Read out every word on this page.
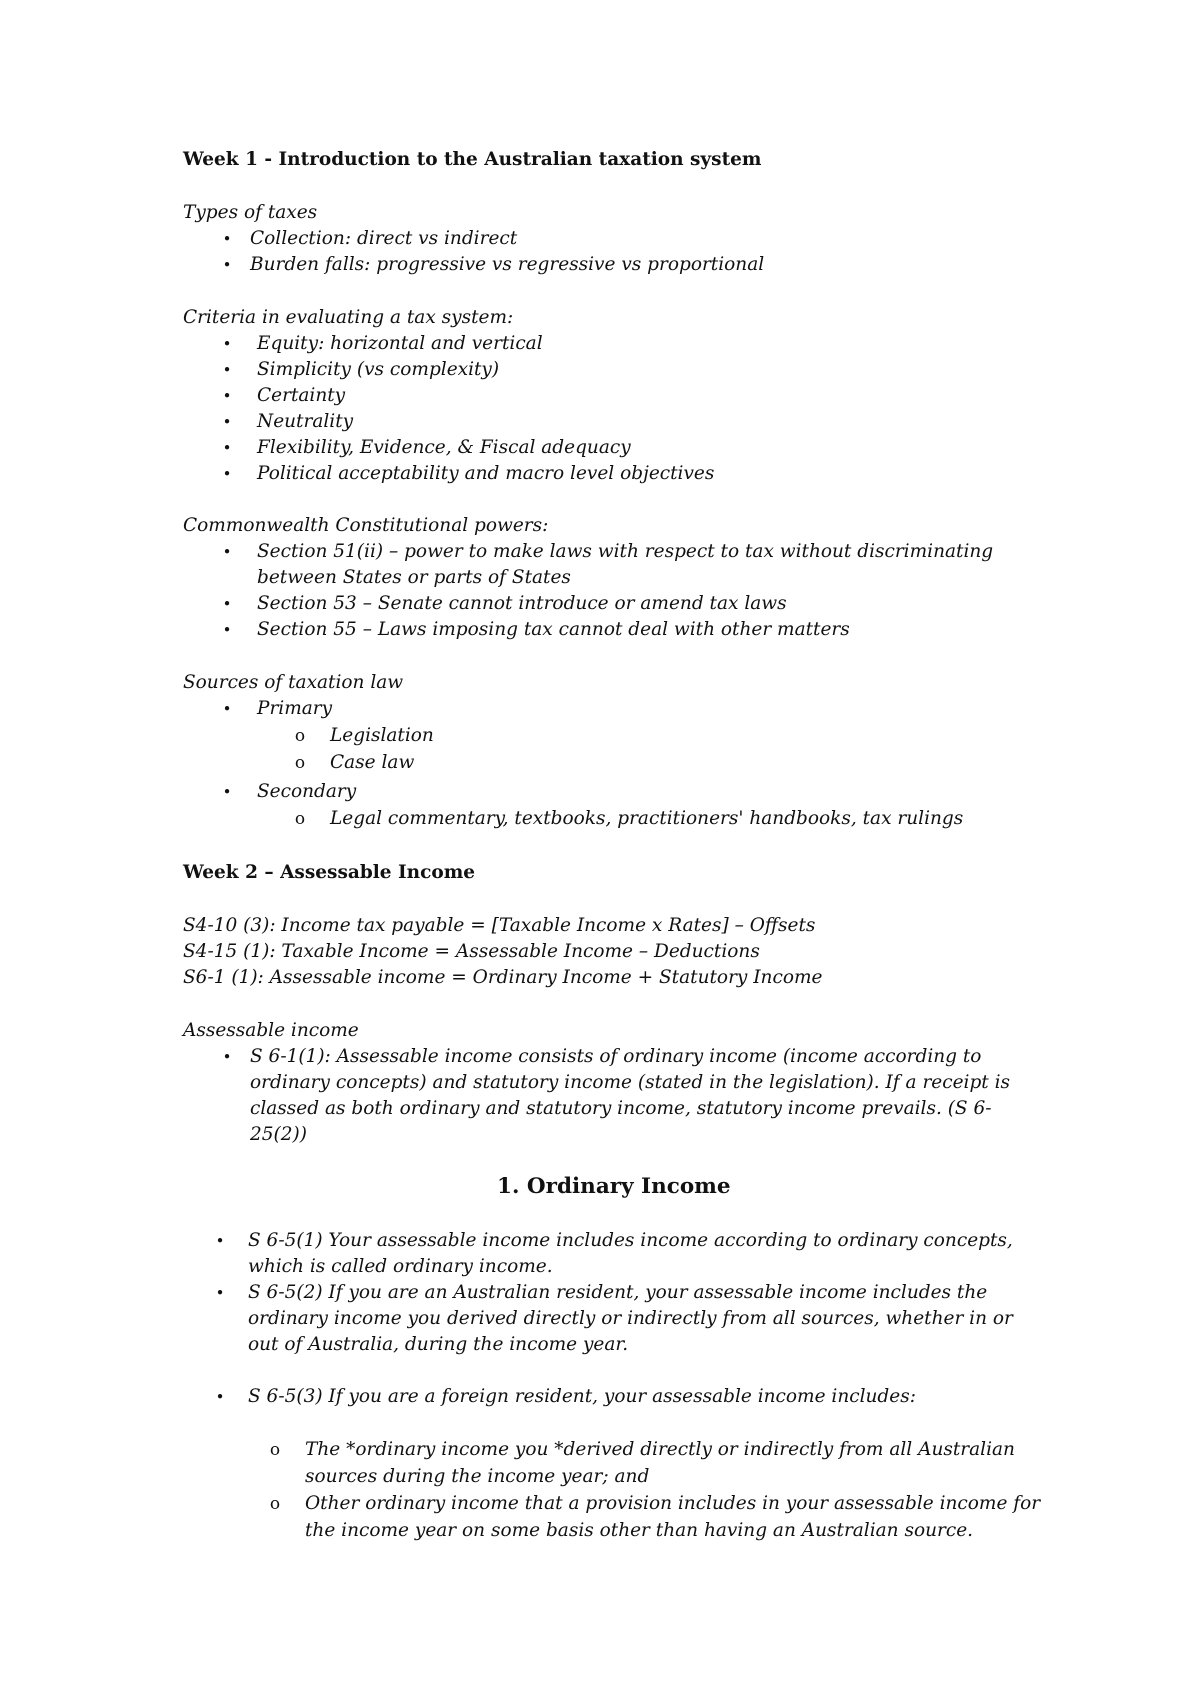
Week 1 - Introduction to the Australian taxation system
Types of taxes
•	Collection: direct vs indirect
•	Burden falls: progressive vs regressive vs proportional
Criteria in evaluating a tax system:
•	Equity: horizontal and vertical
•	Simplicity (vs complexity)
•	Certainty
•	Neutrality
•	Flexibility, Evidence, & Fiscal adequacy
•	Political acceptability and macro level objectives
Commonwealth Constitutional powers:
•	Section 51(ii) – power to make laws with respect to tax without discriminating
between States or parts of States
•	Section 53 – Senate cannot introduce or amend tax laws
•	Section 55 – Laws imposing tax cannot deal with other matters
Sources of taxation law
•	Primary
o Legislation
o Case law
•	Secondary
o Legal commentary, textbooks, practitioners' handbooks, tax rulings
Week 2 – Assessable Income
S4-10 (3): Income tax payable = [Taxable Income x Rates] – Offsets
S4-15 (1): Taxable Income = Assessable Income – Deductions
S6-1 (1): Assessable income = Ordinary Income + Statutory Income
Assessable income
•	S 6-1(1): Assessable income consists of ordinary income (income according to
ordinary concepts) and statutory income (stated in the legislation). If a receipt is
classed as both ordinary and statutory income, statutory income prevails. (S 6-
25(2))
1. Ordinary Income
•	S 6-5(1) Your assessable income includes income according to ordinary concepts,
which is called ordinary income.
•	S 6-5(2) If you are an Australian resident, your assessable income includes the
ordinary income you derived directly or indirectly from all sources, whether in or
out of Australia, during the income year.
•	S 6-5(3) If you are a foreign resident, your assessable income includes:
o The *ordinary income you *derived directly or indirectly from all Australian
sources during the income year; and
o Other ordinary income that a provision includes in your assessable income for
the income year on some basis other than having an Australian source.
